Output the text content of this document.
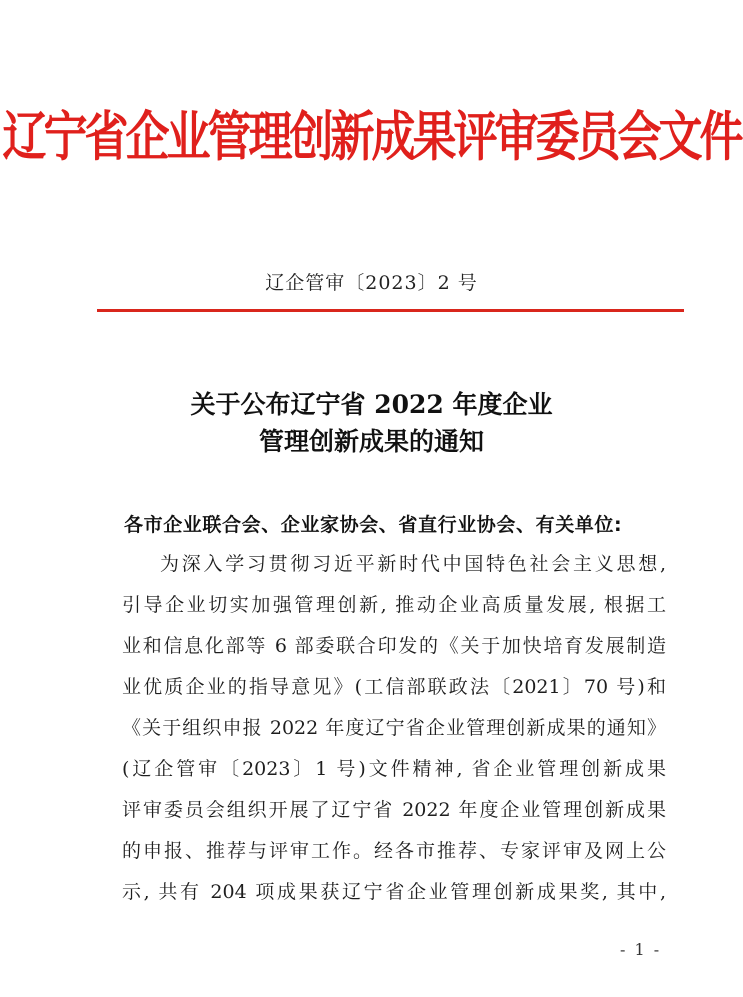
辽宁省企业管理创新成果评审委员会文件
辽企管审〔2023〕2 号
关于公布辽宁省 2022 年度企业
管理创新成果的通知
各市企业联合会、企业家协会、省直行业协会、有关单位:
为深入学习贯彻习近平新时代中国特色社会主义思想,
引导企业切实加强管理创新, 推动企业高质量发展, 根据工
业和信息化部等 6 部委联合印发的《关于加快培育发展制造
业优质企业的指导意见》(工信部联政法〔2021〕70 号)和
《关于组织申报 2022 年度辽宁省企业管理创新成果的通知》
(辽企管审〔2023〕1 号)文件精神, 省企业管理创新成果
评审委员会组织开展了辽宁省 2022 年度企业管理创新成果
的申报、推荐与评审工作。经各市推荐、专家评审及网上公
示, 共有 204 项成果获辽宁省企业管理创新成果奖, 其中,
- 1 -
